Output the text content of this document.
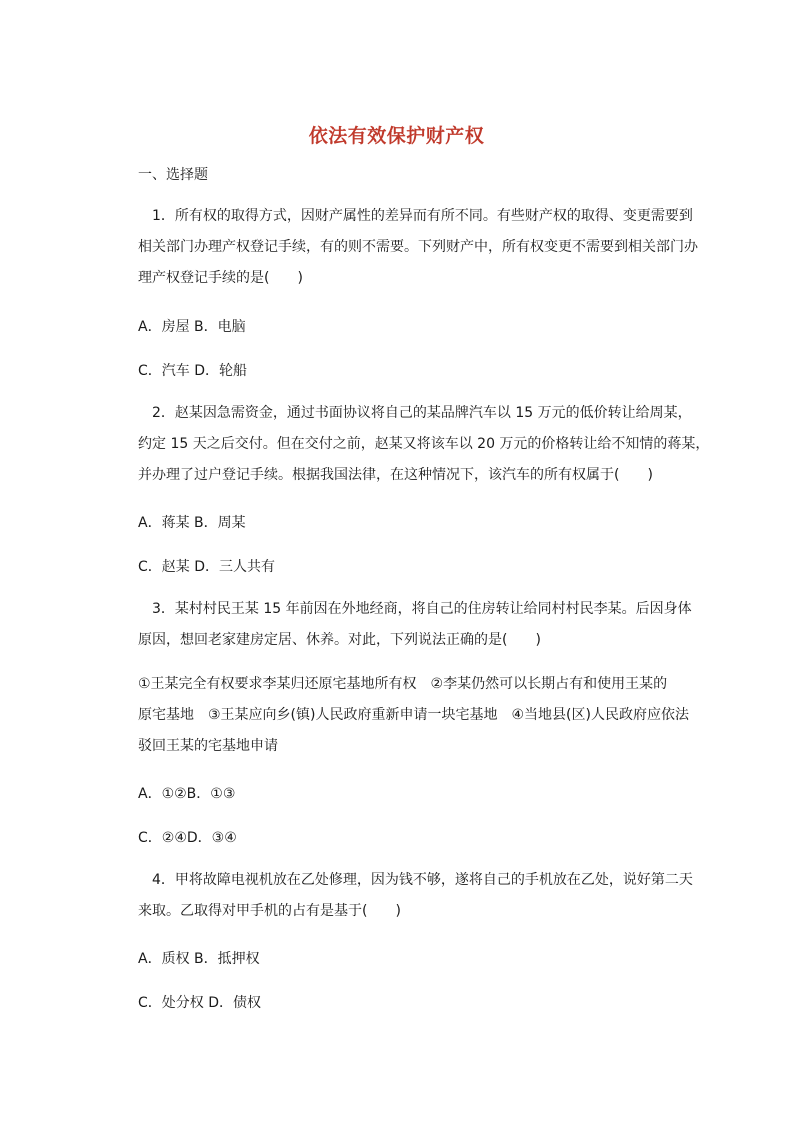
依法有效保护财产权
一、选择题
1．所有权的取得方式，因财产属性的差异而有所不同。有些财产权的取得、变更需要到
相关部门办理产权登记手续，有的则不需要。下列财产中，所有权变更不需要到相关部门办
理产权登记手续的是(　　)
A．房屋 B．电脑
C．汽车 D．轮船
2．赵某因急需资金，通过书面协议将自己的某品牌汽车以 15 万元的低价转让给周某，
约定 15 天之后交付。但在交付之前，赵某又将该车以 20 万元的价格转让给不知情的蒋某，
并办理了过户登记手续。根据我国法律，在这种情况下，该汽车的所有权属于(　　)
A．蒋某 B．周某
C．赵某 D．三人共有
3．某村村民王某 15 年前因在外地经商，将自己的住房转让给同村村民李某。后因身体
原因，想回老家建房定居、休养。对此，下列说法正确的是(　　)
①王某完全有权要求李某归还原宅基地所有权　②李某仍然可以长期占有和使用王某的
原宅基地　③王某应向乡(镇)人民政府重新申请一块宅基地　④当地县(区)人民政府应依法
驳回王某的宅基地申请
A．①②B．①③
C．②④D．③④
4．甲将故障电视机放在乙处修理，因为钱不够，遂将自己的手机放在乙处，说好第二天
来取。乙取得对甲手机的占有是基于(　　)
A．质权 B．抵押权
C．处分权 D．债权
